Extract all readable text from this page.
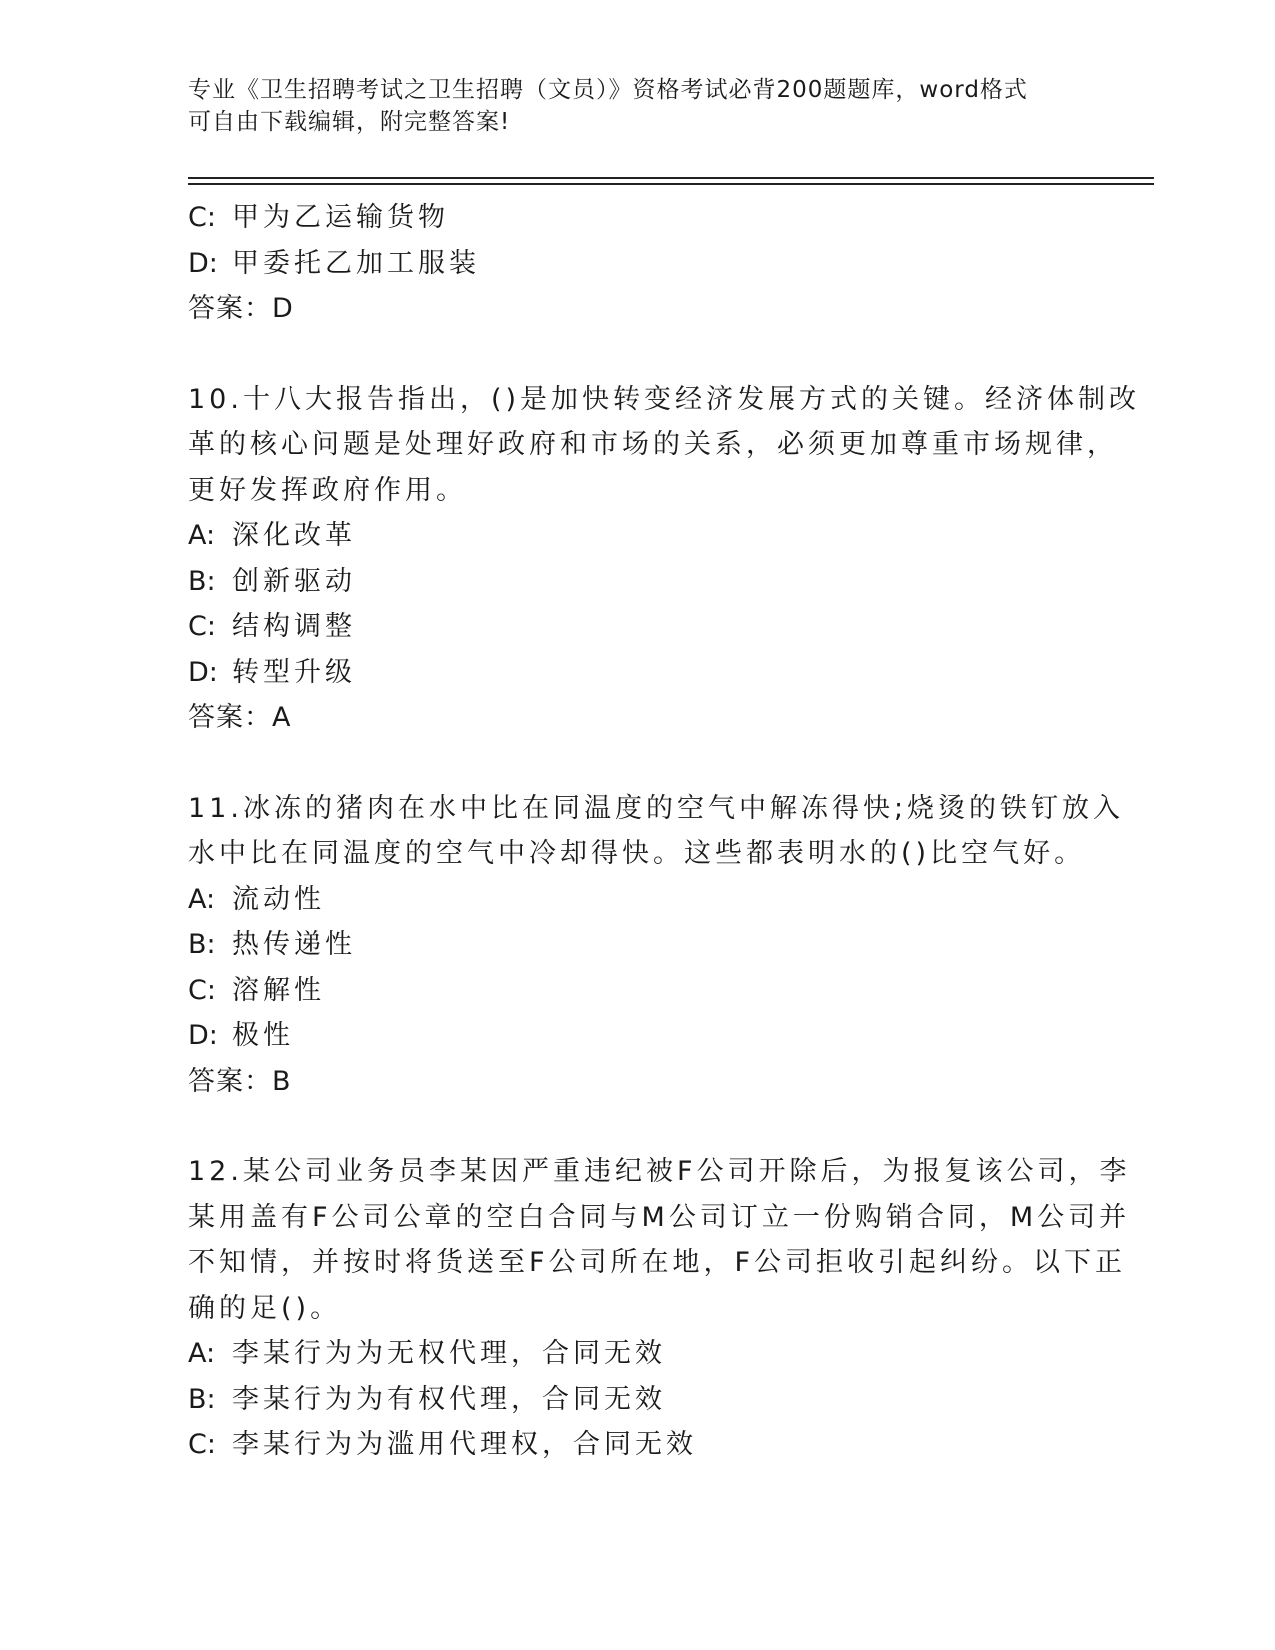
专业《卫生招聘考试之卫生招聘（文员）》资格考试必背200题题库，word格式
可自由下载编辑，附完整答案!
C: 甲为乙运输货物
D: 甲委托乙加工服装
答案：D
10.十八大报告指出，()是加快转变经济发展方式的关键。经济体制改
革的核心问题是处理好政府和市场的关系，必须更加尊重市场规律，
更好发挥政府作用。
A: 深化改革
B: 创新驱动
C: 结构调整
D: 转型升级
答案：A
11.冰冻的猪肉在水中比在同温度的空气中解冻得快;烧烫的铁钉放入
水中比在同温度的空气中冷却得快。这些都表明水的()比空气好。
A: 流动性
B: 热传递性
C: 溶解性
D: 极性
答案：B
12.某公司业务员李某因严重违纪被F公司开除后，为报复该公司，李
某用盖有F公司公章的空白合同与M公司订立一份购销合同，M公司并
不知情，并按时将货送至F公司所在地，F公司拒收引起纠纷。以下正
确的足()。
A: 李某行为为无权代理，合同无效
B: 李某行为为有权代理，合同无效
C: 李某行为为滥用代理权，合同无效
